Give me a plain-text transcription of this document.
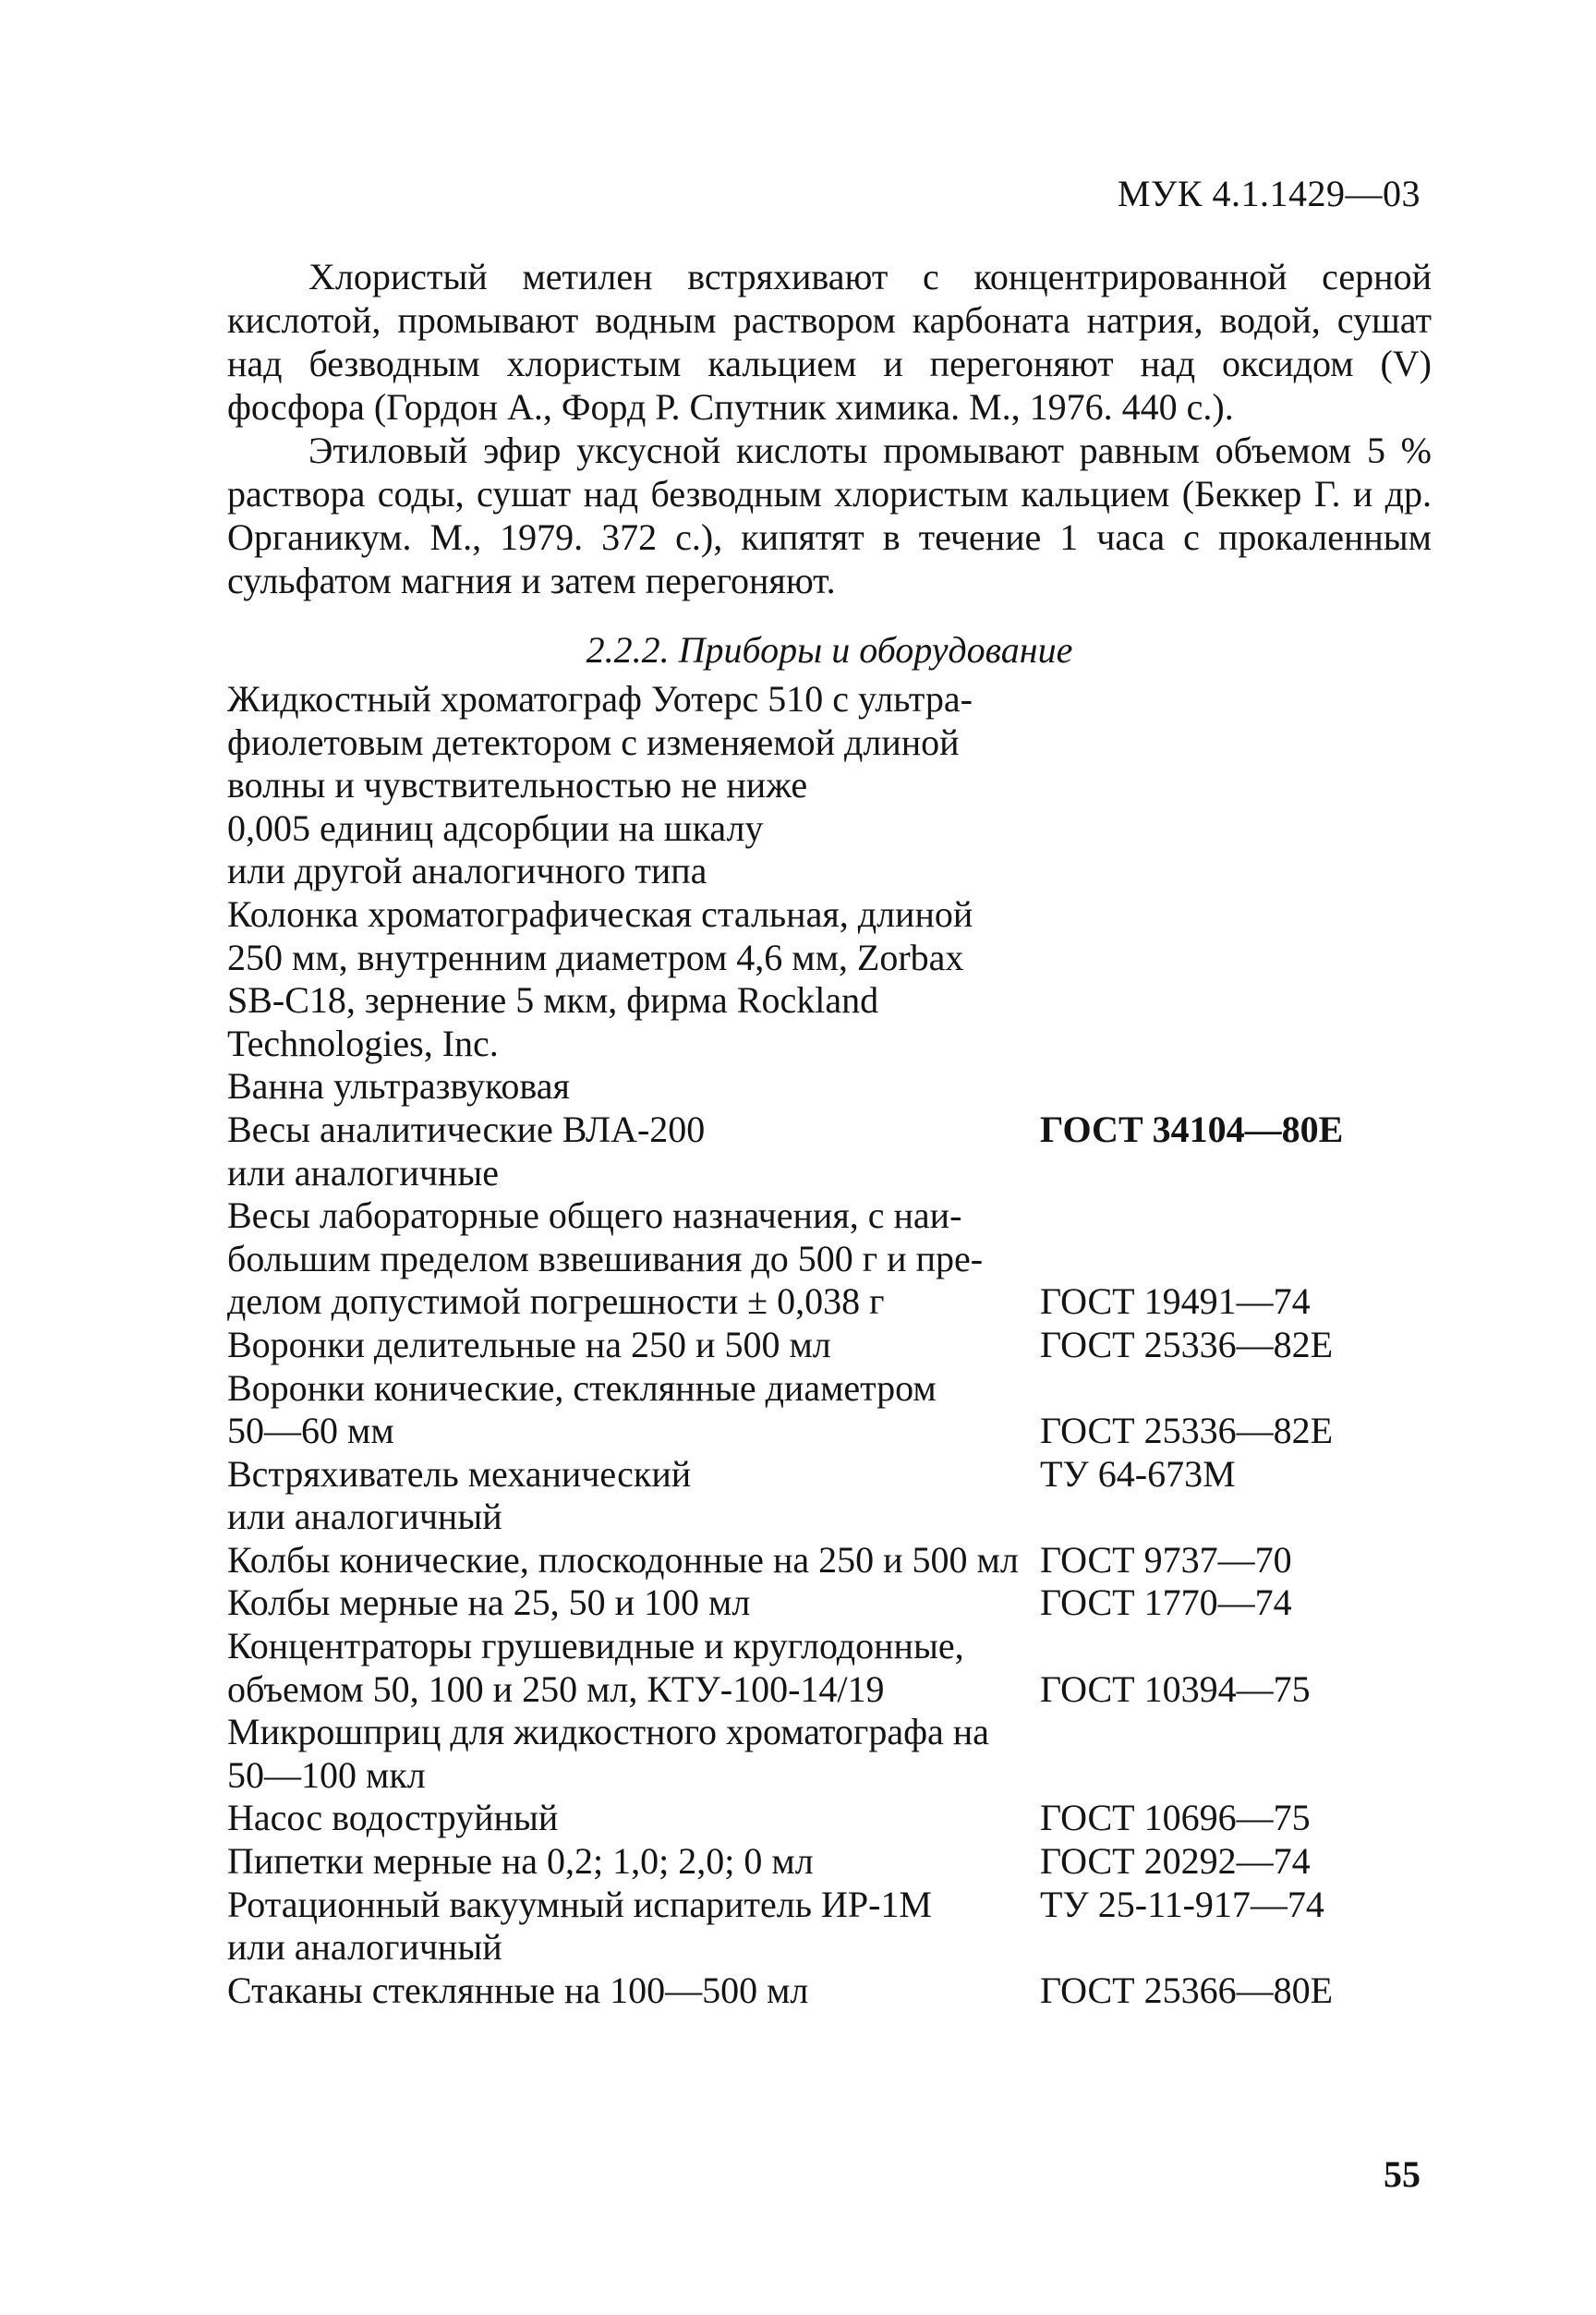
МУК 4.1.1429—03

Хлористый метилен встряхивают с концентрированной серной кислотой, промывают водным раствором карбоната натрия, водой, сушат над безводным хлористым кальцием и перегоняют над оксидом (V) фосфора (Гордон А., Форд Р. Спутник химика. М., 1976. 440 с.).

Этиловый эфир уксусной кислоты промывают равным объемом 5 % раствора соды, сушат над безводным хлористым кальцием (Беккер Г. и др. Органикум. М., 1979. 372 с.), кипятят в течение 1 часа с прокаленным сульфатом магния и затем перегоняют.

2.2.2. Приборы и оборудование
Жидкостный хроматограф Уотерс 510 с ультра-
фиолетовым детектором с изменяемой длиной
волны и чувствительностью не ниже
0,005 единиц адсорбции на шкалу
или другой аналогичного типа
Колонка хроматографическая стальная, длиной
250 мм, внутренним диаметром 4,6 мм, Zorbax
SB-C18, зернение 5 мкм, фирма Rockland
Technologies, Inc.
Ванна ультразвуковая
Весы аналитические ВЛА-200	ГОСТ 34104—80Е
или аналогичные
Весы лабораторные общего назначения, с наи-
большим пределом взвешивания до 500 г и пре-
делом допустимой погрешности ± 0,038 г	ГОСТ 19491—74
Воронки делительные на 250 и 500 мл	ГОСТ 25336—82Е
Воронки конические, стеклянные диаметром
50—60 мм	ГОСТ 25336—82Е
Встряхиватель механический	ТУ 64-673М
или аналогичный
Колбы конические, плоскодонные на 250 и 500 мл ГОСТ 9737—70
Колбы мерные на 25, 50 и 100 мл	ГОСТ 1770—74
Концентраторы грушевидные и круглодонные,
объемом 50, 100 и 250 мл, КТУ-100-14/19	ГОСТ 10394—75
Микрошприц для жидкостного хроматографа на
50—100 мкл
Насос водоструйный	ГОСТ 10696—75
Пипетки мерные на 0,2; 1,0; 2,0; 0 мл	ГОСТ 20292—74
Ротационный вакуумный испаритель ИР-1М	ТУ 25-11-917—74
или аналогичный
Стаканы стеклянные на 100—500 мл	ГОСТ 25366—80Е
55
